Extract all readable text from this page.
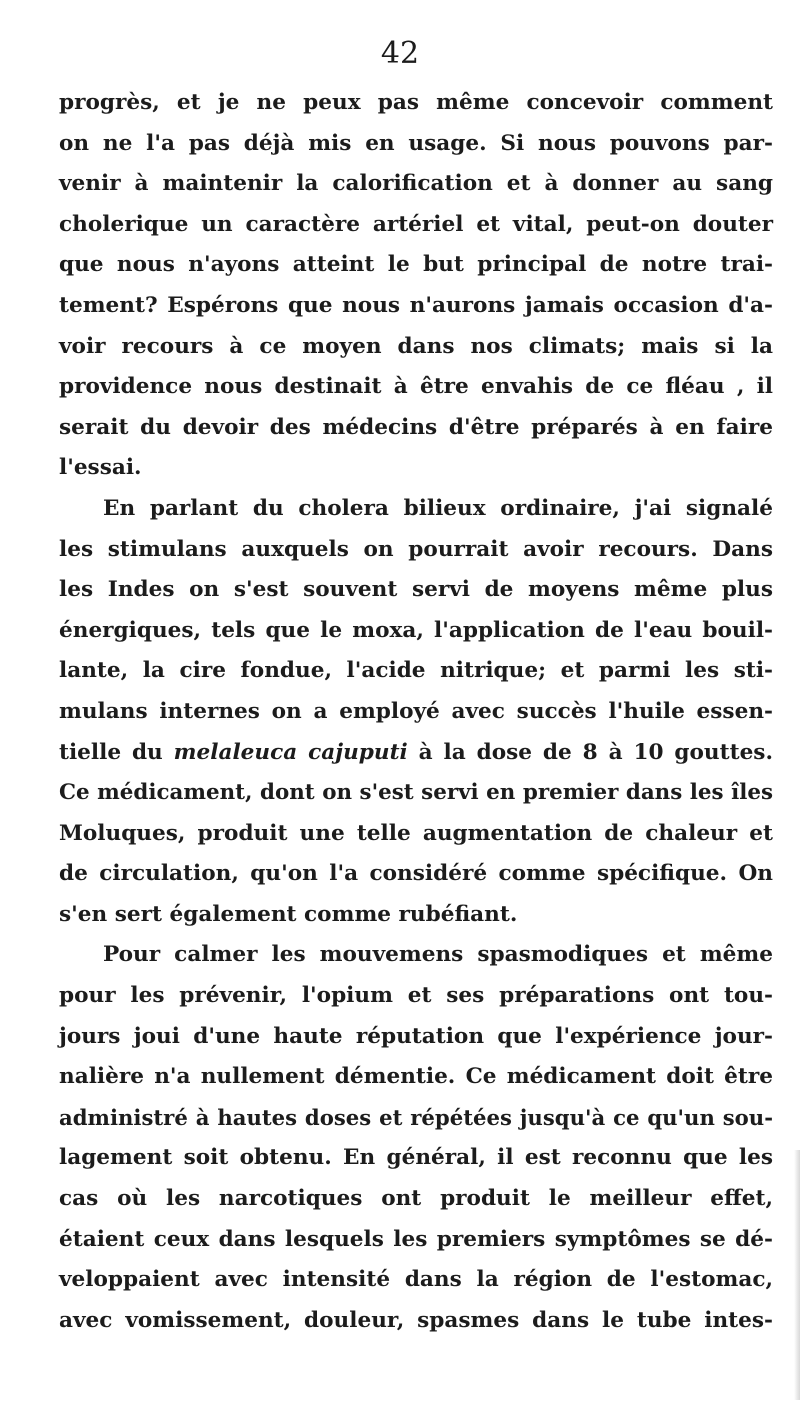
42
progrès, et je ne peux pas même concevoir comment
on ne l'a pas déjà mis en usage. Si nous pouvons par-
venir à maintenir la calorification et à donner au sang
cholerique un caractère artériel et vital, peut-on douter
que nous n'ayons atteint le but principal de notre trai-
tement? Espérons que nous n'aurons jamais occasion d'a-
voir recours à ce moyen dans nos climats; mais si la
providence nous destinait à être envahis de ce fléau , il
serait du devoir des médecins d'être préparés à en faire
l'essai.
En parlant du cholera bilieux ordinaire, j'ai signalé
les stimulans auxquels on pourrait avoir recours. Dans
les Indes on s'est souvent servi de moyens même plus
énergiques, tels que le moxa, l'application de l'eau bouil-
lante, la cire fondue, l'acide nitrique; et parmi les sti-
mulans internes on a employé avec succès l'huile essen-
tielle du melaleuca cajuputi à la dose de 8 à 10 gouttes.
Ce médicament, dont on s'est servi en premier dans les îles
Moluques, produit une telle augmentation de chaleur et
de circulation, qu'on l'a considéré comme spécifique. On
s'en sert également comme rubéfiant.
Pour calmer les mouvemens spasmodiques et même
pour les prévenir, l'opium et ses préparations ont tou-
jours joui d'une haute réputation que l'expérience jour-
nalière n'a nullement démentie. Ce médicament doit être
administré à hautes doses et répétées jusqu'à ce qu'un sou-
lagement soit obtenu. En général, il est reconnu que les
cas où les narcotiques ont produit le meilleur effet,
étaient ceux dans lesquels les premiers symptômes se dé-
veloppaient avec intensité dans la région de l'estomac,
avec vomissement, douleur, spasmes dans le tube intes-
